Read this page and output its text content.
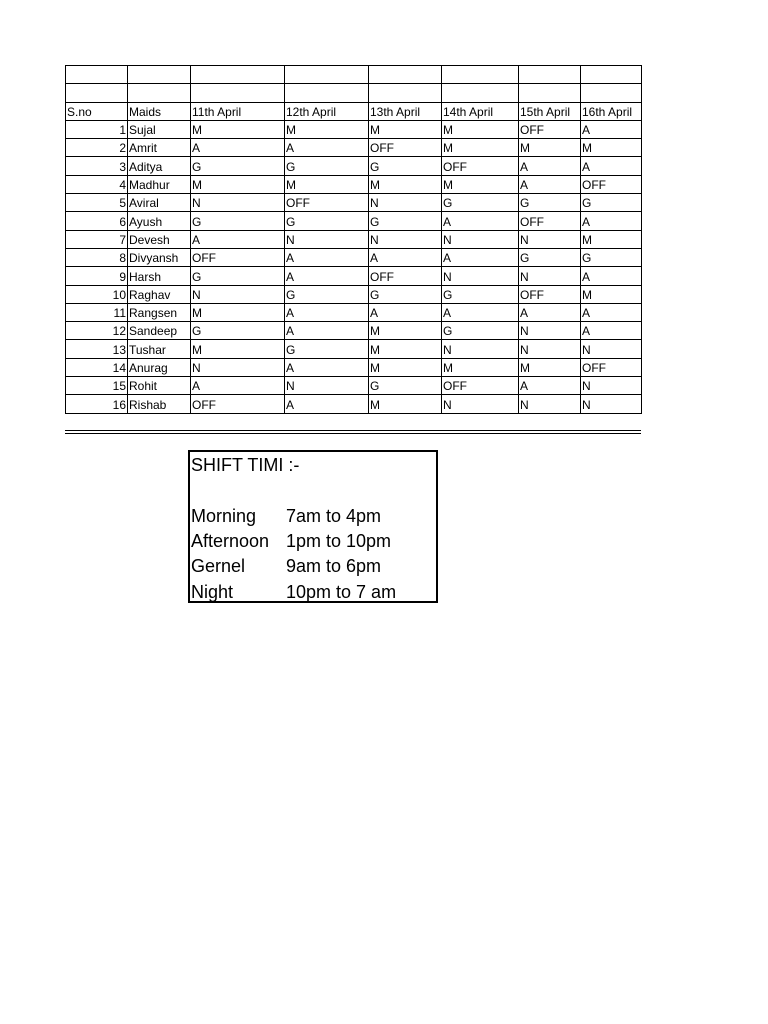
S.no	Maids	11th April	12th April	13th April	14th April	15th April	16th April
1	Sujal	M	M	M	M	OFF	A
2	Amrit	A	A	OFF	M	M	M
3	Aditya	G	G	G	OFF	A	A
4	Madhur	M	M	M	M	A	OFF
5	Aviral	N	OFF	N	G	G	G
6	Ayush	G	G	G	A	OFF	A
7	Devesh	A	N	N	N	N	M
8	Divyansh	OFF	A	A	A	G	G
9	Harsh	G	A	OFF	N	N	A
10	Raghav	N	G	G	G	OFF	M
11	Rangsen	M	A	A	A	A	A
12	Sandeep	G	A	M	G	N	A
13	Tushar	M	G	M	N	N	N
14	Anurag	N	A	M	M	M	OFF
15	Rohit	A	N	G	OFF	A	N
16	Rishab	OFF	A	M	N	N	N
SHIFT TIMI :-
Morning	7am to 4pm
Afternoon 1pm to 10pm
Gernel	9am to 6pm
Night	10pm to 7 am
